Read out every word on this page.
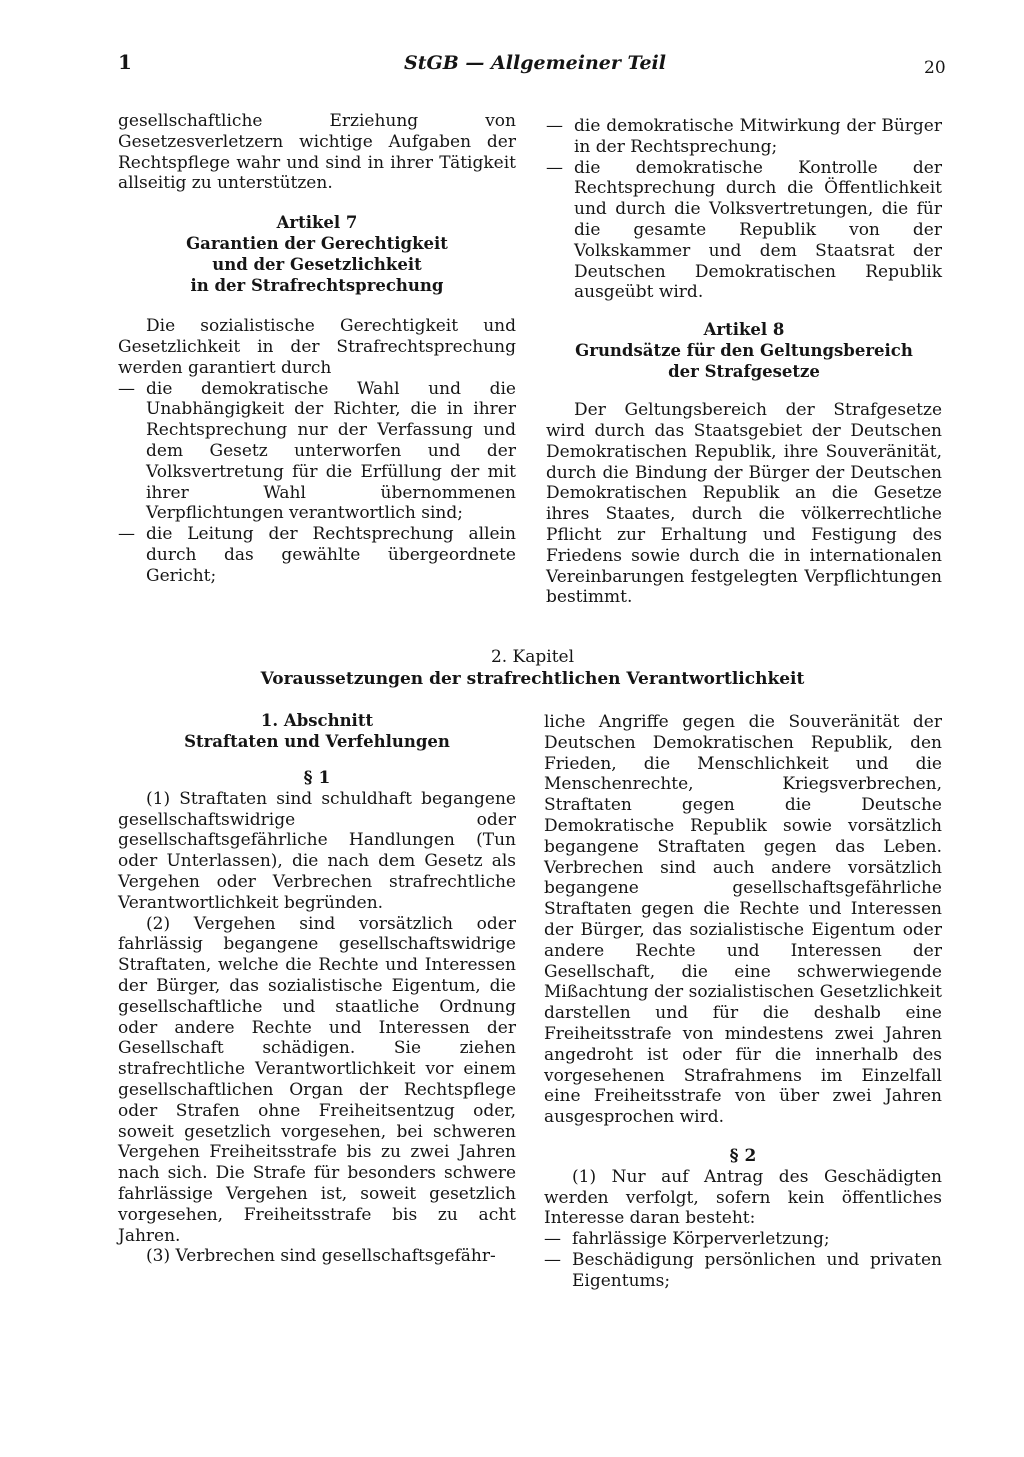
1	StGB — Allgemeiner Teil	20

gesellschaftliche Erziehung von Gesetzesverletzern wichtige Aufgaben der Rechtspflege wahr und sind in ihrer Tätigkeit allseitig zu unterstützen.

Artikel 7

Garantien der Gerechtigkeit

und der Gesetzlichkeit

in der Strafrechtsprechung

Die sozialistische Gerechtigkeit und Gesetzlichkeit in der Strafrechtsprechung werden garantiert durch

— die demokratische Wahl und die Unabhängigkeit der Richter, die in ihrer Rechtsprechung nur der Verfassung und dem Gesetz unterworfen und der Volksvertretung für die Erfüllung der mit ihrer Wahl übernommenen Verpflichtungen verantwortlich sind;

— die Leitung der Rechtsprechung allein durch das gewählte übergeordnete Gericht;

— die demokratische Mitwirkung der Bürger in der Rechtsprechung;

— die demokratische Kontrolle der Rechtsprechung durch die Öffentlichkeit und durch die Volksvertretungen, die für die gesamte Republik von der Volkskammer und dem Staatsrat der Deutschen Demokratischen Republik ausgeübt wird.

Artikel 8

Grundsätze für den Geltungsbereich

der Strafgesetze

Der Geltungsbereich der Strafgesetze wird durch das Staatsgebiet der Deutschen Demokratischen Republik, ihre Souveränität, durch die Bindung der Bürger der Deutschen Demokratischen Republik an die Gesetze ihres Staates, durch die völkerrechtliche Pflicht zur Erhaltung und Festigung des Friedens sowie durch die in internationalen Vereinbarungen festgelegten Verpflichtungen bestimmt.

2. Kapitel
Voraussetzungen der strafrechtlichen Verantwortlichkeit

1. Abschnitt

Straftaten und Verfehlungen

§ 1

(1) Straftaten sind schuldhaft begangene gesellschaftswidrige oder gesellschaftsgefährliche Handlungen (Tun oder Unterlassen), die nach dem Gesetz als Vergehen oder Verbrechen strafrechtliche Verantwortlichkeit begründen.

(2) Vergehen sind vorsätzlich oder fahrlässig begangene gesellschaftswidrige Straftaten, welche die Rechte und Interessen der Bürger, das sozialistische Eigentum, die gesellschaftliche und staatliche Ordnung oder andere Rechte und Interessen der Gesellschaft schädigen. Sie ziehen strafrechtliche Verantwortlichkeit vor einem gesellschaftlichen Organ der Rechtspflege oder Strafen ohne Freiheitsentzug oder, soweit gesetzlich vorgesehen, bei schweren Vergehen Freiheitsstrafe bis zu zwei Jahren nach sich. Die Strafe für besonders schwere fahrlässige Vergehen ist, soweit gesetzlich vorgesehen, Freiheitsstrafe bis zu acht Jahren.

(3) Verbrechen sind gesellschaftsgefähr-

liche Angriffe gegen die Souveränität der Deutschen Demokratischen Republik, den Frieden, die Menschlichkeit und die Menschenrechte, Kriegsverbrechen, Straftaten gegen die Deutsche Demokratische Republik sowie vorsätzlich begangene Straftaten gegen das Leben. Verbrechen sind auch andere vorsätzlich begangene gesellschaftsgefährliche Straftaten gegen die Rechte und Interessen der Bürger, das sozialistische Eigentum oder andere Rechte und Interessen der Gesellschaft, die eine schwerwiegende Mißachtung der sozialistischen Gesetzlichkeit darstellen und für die deshalb eine Freiheitsstrafe von mindestens zwei Jahren angedroht ist oder für die innerhalb des vorgesehenen Strafrahmens im Einzelfall eine Freiheitsstrafe von über zwei Jahren ausgesprochen wird.

§ 2

(1) Nur auf Antrag des Geschädigten werden verfolgt, sofern kein öffentliches Interesse daran besteht:

— fahrlässige Körperverletzung;

— Beschädigung persönlichen und privaten Eigentums;
